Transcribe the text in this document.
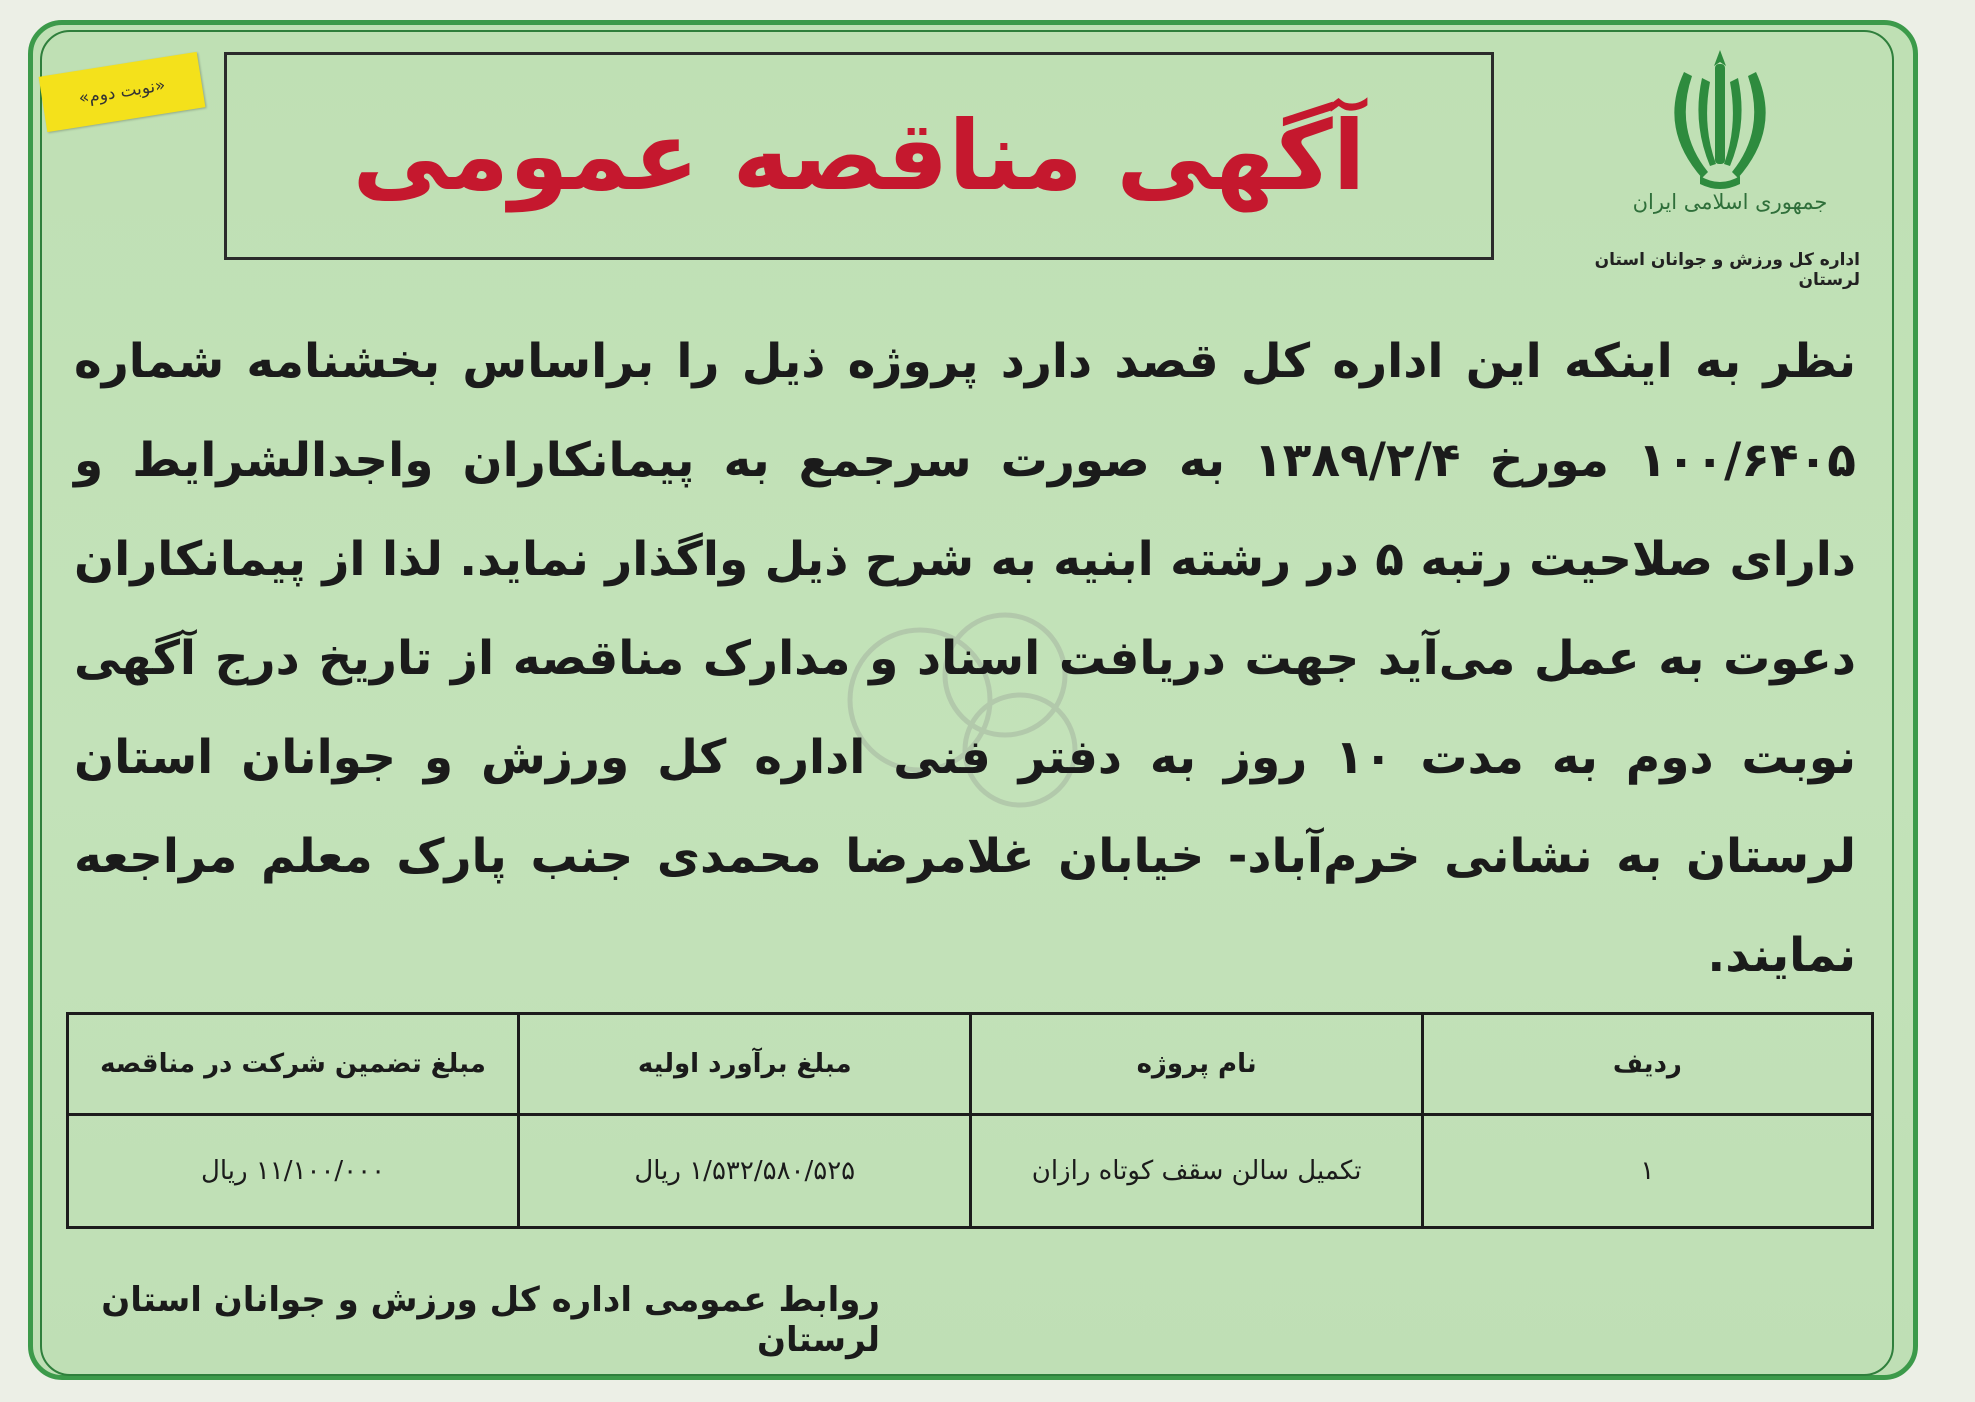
«نوبت دوم»
آگهی مناقصه عمومی	جمهوری اسلامی ایران
اداره کل ورزش و جوانان استان لرستان
نظر به اینکه این اداره کل قصد دارد پروژه ذیل را براساس بخشنامه شماره ۱۰۰/۶۴۰۵ مورخ ۱۳۸۹/۲/۴ به صورت سرجمع به پیمانکاران واجدالشرایط و دارای صلاحیت رتبه ۵ در رشته ابنیه به شرح ذیل واگذار نماید. لذا از پیمانکاران دعوت به عمل می‌آید جهت دریافت اسناد و مدارک مناقصه از تاریخ درج آگهی نوبت دوم به مدت ۱۰ روز به دفتر فنی اداره کل ورزش و جوانان استان لرستان به نشانی خرم‌آباد- خیابان غلامرضا محمدی جنب پارک معلم مراجعه نمایند.
ردیف	نام پروژه	مبلغ برآورد اولیه	مبلغ تضمین شرکت در مناقصه
۱	تکمیل سالن سقف کوتاه رازان	۱/۵۳۲/۵۸۰/۵۲۵ ریال	۱۱/۱۰۰/۰۰۰ ریال
روابط عمومی اداره کل ورزش و جوانان استان لرستان
